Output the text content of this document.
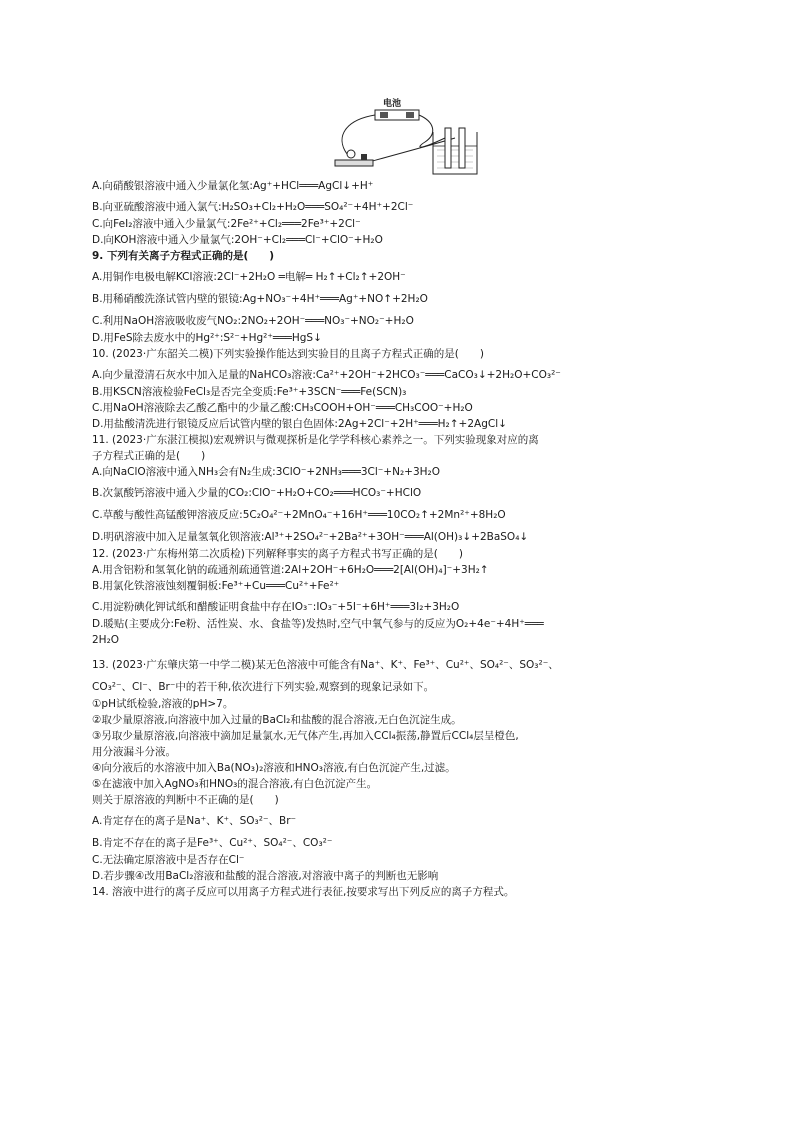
电池

A.向硝酸银溶液中通入少量氯化氢:Ag⁺+HCl═══AgCl↓+H⁺

B.向亚硫酸溶液中通入氯气:H₂SO₃+Cl₂+H₂O═══SO₄²⁻+4H⁺+2Cl⁻

C.向FeI₂溶液中通入少量氯气:2Fe²⁺+Cl₂═══2Fe³⁺+2Cl⁻

D.向KOH溶液中通入少量氯气:2OH⁻+Cl₂═══Cl⁻+ClO⁻+H₂O

9. 下列有关离子方程式正确的是(　　)

A.用铜作电极电解KCl溶液:2Cl⁻+2H₂O ═电解═ H₂↑+Cl₂↑+2OH⁻

B.用稀硝酸洗涤试管内壁的银镜:Ag+NO₃⁻+4H⁺═══Ag⁺+NO↑+2H₂O

C.利用NaOH溶液吸收废气NO₂:2NO₂+2OH⁻═══NO₃⁻+NO₂⁻+H₂O

D.用FeS除去废水中的Hg²⁺:S²⁻+Hg²⁺═══HgS↓

10. (2023·广东韶关二模)下列实验操作能达到实验目的且离子方程式正确的是(　　)

A.向少量澄清石灰水中加入足量的NaHCO₃溶液:Ca²⁺+2OH⁻+2HCO₃⁻═══CaCO₃↓+2H₂O+CO₃²⁻

B.用KSCN溶液检验FeCl₃是否完全变质:Fe³⁺+3SCN⁻═══Fe(SCN)₃

C.用NaOH溶液除去乙酸乙酯中的少量乙酸:CH₃COOH+OH⁻═══CH₃COO⁻+H₂O

D.用盐酸清洗进行银镜反应后试管内壁的银白色固体:2Ag+2Cl⁻+2H⁺═══H₂↑+2AgCl↓

11. (2023·广东湛江模拟)宏观辨识与微观探析是化学学科核心素养之一。下列实验现象对应的离

子方程式正确的是(　　)

A.向NaClO溶液中通入NH₃会有N₂生成:3ClO⁻+2NH₃═══3Cl⁻+N₂+3H₂O

B.次氯酸钙溶液中通入少量的CO₂:ClO⁻+H₂O+CO₂═══HCO₃⁻+HClO

C.草酸与酸性高锰酸钾溶液反应:5C₂O₄²⁻+2MnO₄⁻+16H⁺═══10CO₂↑+2Mn²⁺+8H₂O

D.明矾溶液中加入足量氢氧化钡溶液:Al³⁺+2SO₄²⁻+2Ba²⁺+3OH⁻═══Al(OH)₃↓+2BaSO₄↓

12. (2023·广东梅州第二次质检)下列解释事实的离子方程式书写正确的是(　　)

A.用含铝粉和氢氧化钠的疏通剂疏通管道:2Al+2OH⁻+6H₂O═══2[Al(OH)₄]⁻+3H₂↑

B.用氯化铁溶液蚀刻覆铜板:Fe³⁺+Cu═══Cu²⁺+Fe²⁺

C.用淀粉碘化钾试纸和醋酸证明食盐中存在IO₃⁻:IO₃⁻+5I⁻+6H⁺═══3I₂+3H₂O

D.暖贴(主要成分:Fe粉、活性炭、水、食盐等)发热时,空气中氧气参与的反应为O₂+4e⁻+4H⁺═══

2H₂O

13. (2023·广东肇庆第一中学二模)某无色溶液中可能含有Na⁺、K⁺、Fe³⁺、Cu²⁺、SO₄²⁻、SO₃²⁻、

CO₃²⁻、Cl⁻、Br⁻中的若干种,依次进行下列实验,观察到的现象记录如下。

①pH试纸检验,溶液的pH>7。

②取少量原溶液,向溶液中加入过量的BaCl₂和盐酸的混合溶液,无白色沉淀生成。

③另取少量原溶液,向溶液中滴加足量氯水,无气体产生,再加入CCl₄振荡,静置后CCl₄层呈橙色,

用分液漏斗分液。

④向分液后的水溶液中加入Ba(NO₃)₂溶液和HNO₃溶液,有白色沉淀产生,过滤。

⑤在滤液中加入AgNO₃和HNO₃的混合溶液,有白色沉淀产生。

则关于原溶液的判断中不正确的是(　　)

A.肯定存在的离子是Na⁺、K⁺、SO₃²⁻、Br⁻

B.肯定不存在的离子是Fe³⁺、Cu²⁺、SO₄²⁻、CO₃²⁻

C.无法确定原溶液中是否存在Cl⁻

D.若步骤④改用BaCl₂溶液和盐酸的混合溶液,对溶液中离子的判断也无影响

14. 溶液中进行的离子反应可以用离子方程式进行表征,按要求写出下列反应的离子方程式。
